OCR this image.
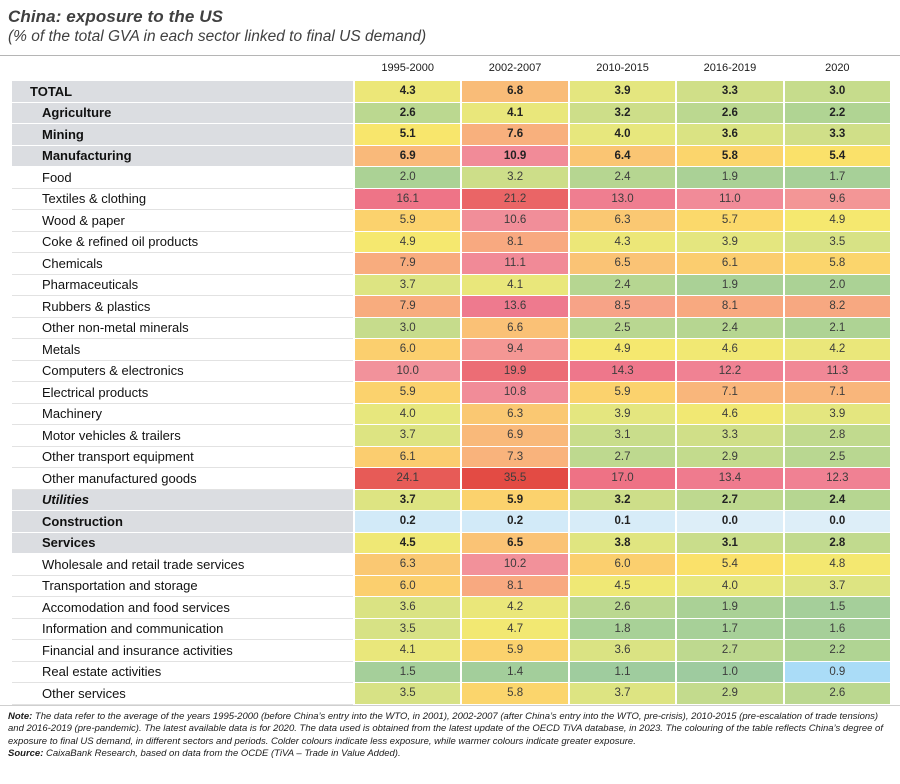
China: exposure to the US
(% of the total GVA in each sector linked to final US demand)
1995-2000	2002-2007	2010-2015	2016-2019	2020
TOTAL	4.3	6.8	3.9	3.3	3.0
Agriculture	2.6	4.1	3.2	2.6	2.2
Mining	5.1	7.6	4.0	3.6	3.3
Manufacturing	6.9	10.9	6.4	5.8	5.4
Food	2.0	3.2	2.4	1.9	1.7
Textiles & clothing	16.1	21.2	13.0	11.0	9.6
Wood & paper	5.9	10.6	6.3	5.7	4.9
Coke & refined oil products	4.9	8.1	4.3	3.9	3.5
Chemicals	7.9	11.1	6.5	6.1	5.8
Pharmaceuticals	3.7	4.1	2.4	1.9	2.0
Rubbers & plastics	7.9	13.6	8.5	8.1	8.2
Other non-metal minerals	3.0	6.6	2.5	2.4	2.1
Metals	6.0	9.4	4.9	4.6	4.2
Computers & electronics	10.0	19.9	14.3	12.2	11.3
Electrical products	5.9	10.8	5.9	7.1	7.1
Machinery	4.0	6.3	3.9	4.6	3.9
Motor vehicles & trailers	3.7	6.9	3.1	3.3	2.8
Other transport equipment	6.1	7.3	2.7	2.9	2.5
Other manufactured goods	24.1	35.5	17.0	13.4	12.3
Utilities	3.7	5.9	3.2	2.7	2.4
Construction	0.2	0.2	0.1	0.0	0.0
Services	4.5	6.5	3.8	3.1	2.8
Wholesale and retail trade services	6.3	10.2	6.0	5.4	4.8
Transportation and storage	6.0	8.1	4.5	4.0	3.7
Accomodation and food services	3.6	4.2	2.6	1.9	1.5
Information and communication	3.5	4.7	1.8	1.7	1.6
Financial and insurance activities	4.1	5.9	3.6	2.7	2.2
Real estate activities	1.5	1.4	1.1	1.0	0.9
Other services	3.5	5.8	3.7	2.9	2.6
Note: The data refer to the average of the years 1995-2000 (before China’s entry into the WTO, in 2001), 2002-2007 (after China’s entry into the WTO, pre-crisis), 2010-2015 (pre-escalation of trade tensions) and 2016-2019 (pre-pandemic). The latest available data is for 2020. The data used is obtained from the latest update of the OECD TiVA database, in 2023. The colouring of the table reflects China’s degree of exposure to final US demand, in different sectors and periods. Colder colours indicate less exposure, while warmer colours indicate greater exposure.
Source: CaixaBank Research, based on data from the OCDE (TiVA – Trade in Value Added).
